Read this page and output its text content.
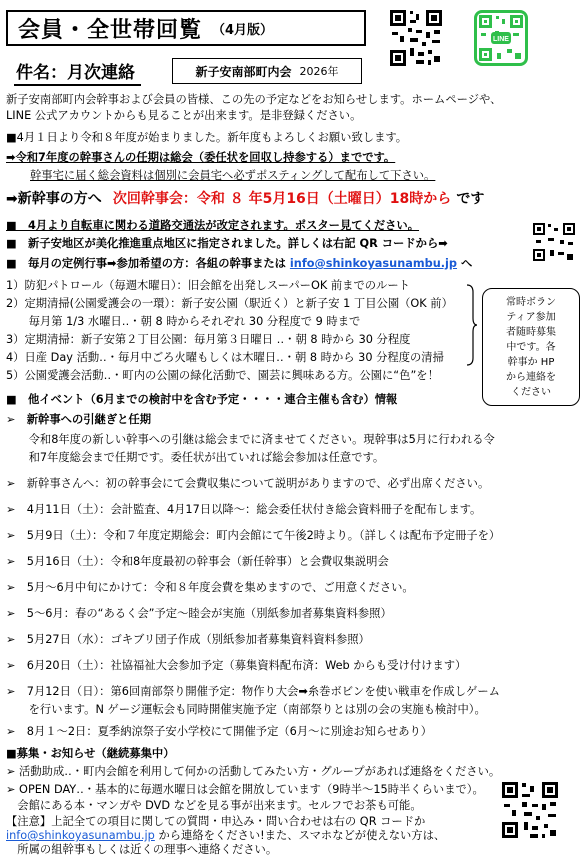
会員・全世帯回覧 （4月版）
件名：月次連絡	新子安南部町内会 2026年
LINE
新子安南部町内会幹事および会員の皆様、この先の予定などをお知らせします。ホームページや、
LINE 公式アカウントからも見ることが出来ます。是非登録ください。
■4月１日より令和８年度が始まりました。新年度もよろしくお願い致します。
➡令和7年度の幹事さんの任期は総会（委任状を回収し持参する）までです。
幹事宅に届く総会資料は個別に会員宅へ必ずポスティングして配布して下さい。
➡新幹事の方へ 次回幹事会：令和 ８ 年5月16日（土曜日）18時から です
■　4月より自転車に関わる道路交通法が改定されます。ポスター見てください。
■　新子安地区が美化推進重点地区に指定されました。詳しくは右記 QR コードから➡
■　毎月の定例行事➡参加希望の方：各組の幹事または info@shinkoyasunambu.jp へ
1）防犯パトロール（毎週木曜日）：旧会館を出発しスーパーOK 前までのルート
2）定期清掃(公園愛護会の一環）：新子安公園（駅近く）と新子安 1 丁目公園（OK 前）
　　毎月第 1/3 水曜日‥・朝 8 時からそれぞれ 30 分程度で 9 時まで
3）定期清掃：新子安第２丁目公園：毎月第３日曜日 ‥・朝 8 時から 30 分程度
4）日産 Day 活動‥・毎月中ごろ火曜もしくは木曜日‥・朝 8 時から 30 分程度の清掃
5）公園愛護会活動‥・町内の公園の緑化活動で、園芸に興味ある方。公園に“色”を！
常時ボラン
ティア参加
者随時募集
中です。各
幹事か HP
から連絡を
ください
■　他イベント（6月までの検討中を含む予定・・・・連合主催も含む）情報
➢　新幹事への引継ぎと任期
　　令和8年度の新しい幹事への引継は総会までに済ませてください。現幹事は5月に行われる令
　　和7年度総会まで任期です。委任状が出ていれば総会参加は任意です。
➢　新幹事さんへ：初の幹事会にて会費収集について説明がありますので、必ず出席ください。
➢　4月11日（土）：会計監査、4月17日以降～：総会委任状付き総会資料冊子を配布します。
➢　5月9日（土）：令和７年度定期総会：町内会館にて午後2時より。（詳しくは配布予定冊子を）
➢　5月16日（土）：令和8年度最初の幹事会（新任幹事）と会費収集説明会
➢　5月～6月中旬にかけて：令和８年度会費を集めますので、ご用意ください。
➢　5～6月：春の“あるく会”予定～睦会が実施（別紙参加者募集資料参照）
➢　5月27日（水）：ゴキブリ団子作成（別紙参加者募集資料資料参照）
➢　6月20日（土）：社協福祉大会参加予定（募集資料配布済：Web からも受け付けます）
➢　7月12日（日）：第6回南部祭り開催予定：物作り大会➡糸巻ボビンを使い戦車を作成しゲーム
　　を行います。N ゲージ運転会も同時開催実施予定（南部祭りとは別の会の実施も検討中）。
➢　8月１～2日：夏季納涼祭子安小学校にて開催予定（6月～に別途お知らせあり）
■募集・お知らせ（継続募集中）
➢ 活動助成‥・町内会館を利用して何かの活動してみたい方・グループがあれば連絡をください。
➢ OPEN DAY‥・基本的に毎週水曜日は会館を開放しています（9時半～15時半くらいまで）。
　会館にある本・マンガや DVD などを見る事が出来ます。セルフでお茶も可能。
【注意】上記全ての項目に関しての質問・申込み・問い合わせは右の QR コードか
info@shinkoyasunambu.jp から連絡をください!また、スマホなどが使えない方は、
　所属の組幹事もしくは近くの理事へ連絡ください。
